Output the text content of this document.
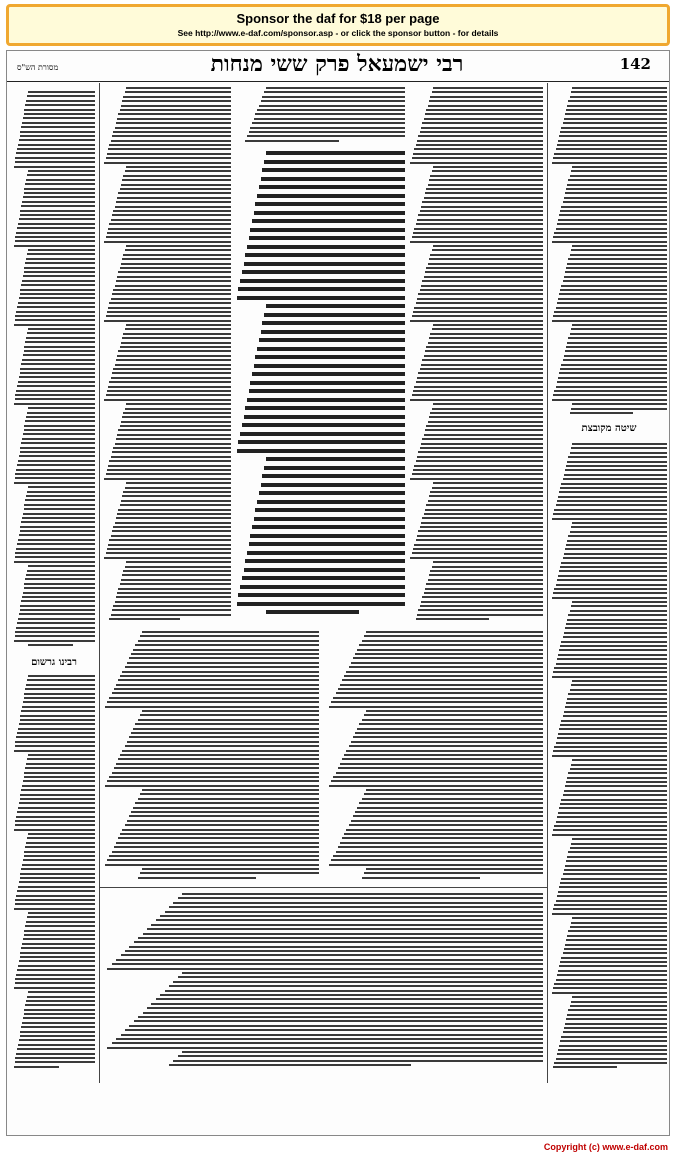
Sponsor the daf for $18 per page
See http://www.e-daf.com/sponsor.asp - or click the sponsor button - for details
מסורת הש"ס	רבי ישמעאל פרק ששי מנחות	142
שיטה מקובצת
רבינו גרשום
Copyright (c) www.e-daf.com
